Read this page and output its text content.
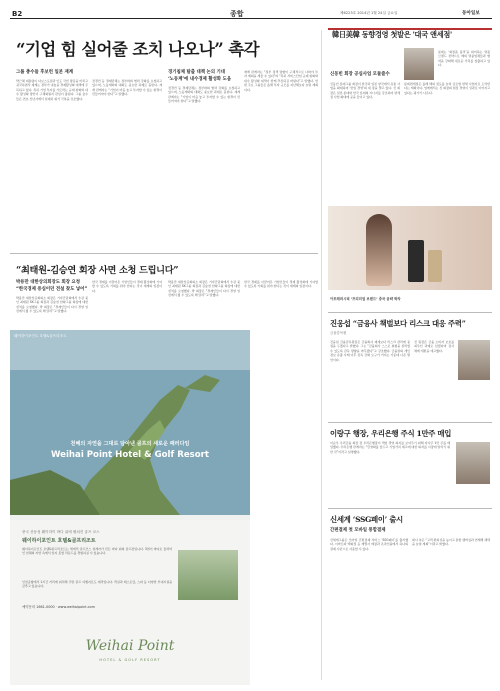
B2	종합	제6223호 2014년 1월 24일 금요일	동아일보
“기업 힘 실어줄 조치 나오나” 촉각
그룹 총수들 후보런 일본 재계
박근혜 대통령이 다보스포럼과 인도 국빈 방문을 마치고 귀국하면서 재계는 정부가 내놓을 경제활성화 대책에 주목하고 있다. 특히 기업 투자를 가로막는 규제 완화와 내수 활성화 방안이 구체화될지 관심이 쏠린다. 그룹 총수들은 연초 신년사에서 일제히 위기 극복을 강조했다.
전경련 등 경제단체는 정부와의 협력 강화를 요청하고 있으며, 노동계와의 대화도 중요한 과제로 꼽힌다. 재계 관계자는 “기업이 마음 놓고 투자할 수 있는 환경이 만들어져야 한다”고 말했다.
경기침체 탈출 대책 논의 기대
‘노동계’에 내수경제 활성화 도움
전경련 등 경제단체는 정부와의 협력 강화를 요청하고 있으며, 노동계와의 대화도 중요한 과제로 꼽힌다. 재계 관계자는 “기업이 마음 놓고 투자할 수 있는 환경이 만들어져야 한다”고 말했다.
재계 관계자는 “정부 정책 방향이 구체적으로 나와야 투자 계획을 세울 수 있다”며 “특히 서비스산업 규제 완화와 내수 활성화 대책이 함께 추진되길 바란다”고 말했다. 한편 주요 그룹들은 올해 투자 규모를 지난해보다 늘릴 계획이다.
“최태원-김승연 회장 사면 소청 드립니다”
박용만 대한상의회장도 회장 요청
“한국경제 중심이던 전설 찾도 넣어”
박용만 대한상공회의소 회장은 기자간담회에서 수감 중인 최태원 SK그룹 회장과 김승연 한화그룹 회장에 대한 선처를 요청했다. 박 회장은 “경제인들이 다시 경영 일선에서 뛸 수 있도록 해 달라”고 말했다.
한국 경제를 이끌어온 기업인들이 경제 활성화에 기여할 수 있도록 기회를 줘야 한다는 것이 재계의 입장이다.
박용만 대한상공회의소 회장은 기자간담회에서 수감 중인 최태원 SK그룹 회장과 김승연 한화그룹 회장에 대한 선처를 요청했다. 박 회장은 “경제인들이 다시 경영 일선에서 뛸 수 있도록 해 달라”고 말했다.
한국 경제를 이끌어온 기업인들이 경제 활성화에 기여할 수 있도록 기회를 줘야 한다는 것이 재계의 입장이다.
웨이하이포인트 호텔&골프리조트
천혜의 자연을 그대로 담아낸 골프의 새로운 패러다임
Weihai Point Hotel & Golf Resort
중국 산동성 웨이하이 바다 위에 펼쳐진 골프 코스
웨이하이포인트 호텔&골프리조트
웨이하이포인트 호텔&골프리조트는 세계적 골프코스 설계자가 만든 바다 위의 골프장입니다. 3면이 바다로 둘러싸인 천혜의 자연 속에서 잊지 못할 라운드를 경험하실 수 있습니다.
인천공항에서 1시간 거리에 위치해 주말 골프 여행지로도 제격입니다. 객실과 레스토랑, 스파 등 다양한 부대시설을 갖추고 있습니다.
예약문의 1661-0000 · www.weihaipoint.com
Weihai Point
HOTEL & GOLF RESORT
韓日美韓 동향경영 첫발은 '대국 앤세점'
신동빈 회장 공심사업 모둘즐수
신동빈 롯데그룹 회장이 한국과 일본 양국에서 유통 사업을 확대하며 ‘한일 경영’의 새 장을 열고 있다. 신 회장은 일본 롯데와 한국 롯데의 시너지를 강조하며 면세점 사업 확대에 공을 들이고 있다.
롯데면세점은 올해 해외 점포를 늘려 글로벌 면세 사업자로 도약한다는 계획이다. 업계에서는 신 회장의 현장 경영이 성과로 이어지고 있다는 평가가 나온다.
롯데는 ‘화장품 품격’을 의미하는 명품 브랜드 전략으로 해외 명품업체들과 협력을 강화해 새로운 가치를 창출하고 있다.
아모레퍼시픽 ‘프리미엄 브랜드’ 중국 공략 박차
진옹섭 “금융사 책벌보다 리스크 대응 주력”
금융감독원
진웅섭 금융감독원장은 금융회사 제재보다 리스크 관리에 중점을 두겠다고 밝혔다. 그는 “금융회사 스스로 위험을 관리할 수 있도록 감독 방향을 바꾸겠다”고 강조했다. 금융권의 개인정보 유출 사태 이후 감독 강화 요구가 커지는 가운데 나온 발언이다.
진 원장은 금융 소비자 보호를 최우선 과제로 삼겠다며 검사 체계 개편을 예고했다.
이랑구 행장, 우리은행 주식 1만주 매입
이순우 우리금융 회장 겸 우리은행장이 책임 경영 의지를 보여주기 위해 자사주 1만 주를 매입했다. 우리은행 관계자는 “민영화를 앞두고 기업가치 제고에 대한 의지를 시장에 알리기 위한 것”이라고 설명했다.
신세계 ‘SSG페이’ 출시
간편결제 첫 모바일 통합결제
신세계그룹은 모바일 간편결제 서비스 ‘SSG페이’를 출시했다. 이마트와 백화점 등 계열사 매장과 온라인몰에서 하나의 결제 수단으로 사용할 수 있다.
회사 측은 “고객 편의성을 높이고 통합 멤버십과 연계해 혜택을 늘릴 계획”이라고 밝혔다.
